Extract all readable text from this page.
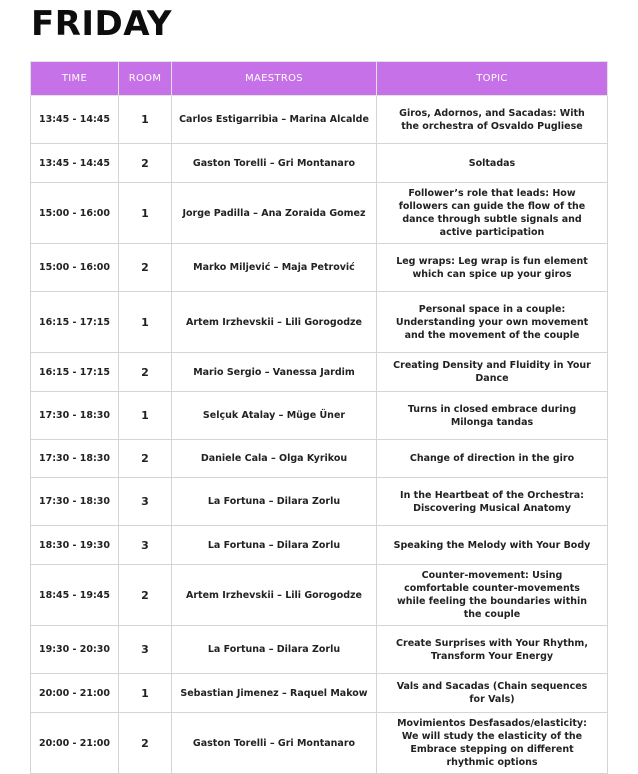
FRIDAY
TIME	ROOM	MAESTROS	TOPIC
13:45 - 14:45	1	Carlos Estigarribia – Marina Alcalde	Giros, Adornos, and Sacadas: With the orchestra of Osvaldo Pugliese
13:45 - 14:45	2	Gaston Torelli – Gri Montanaro	Soltadas
15:00 - 16:00	1	Jorge Padilla – Ana Zoraida Gomez	Follower’s role that leads: How followers can guide the flow of the dance through subtle signals and active participation
15:00 - 16:00	2	Marko Miljević – Maja Petrović	Leg wraps: Leg wrap is fun element which can spice up your giros
16:15 - 17:15	1	Artem Irzhevskii – Lili Gorogodze	Personal space in a couple: Understanding your own movement and the movement of the couple
16:15 - 17:15	2	Mario Sergio – Vanessa Jardim	Creating Density and Fluidity in Your Dance
17:30 - 18:30	1	Selçuk Atalay – Müge Üner	Turns in closed embrace during Milonga tandas
17:30 - 18:30	2	Daniele Cala – Olga Kyrikou	Change of direction in the giro
17:30 - 18:30	3	La Fortuna – Dilara Zorlu	In the Heartbeat of the Orchestra: Discovering Musical Anatomy
18:30 - 19:30	3	La Fortuna – Dilara Zorlu	Speaking the Melody with Your Body
18:45 - 19:45	2	Artem Irzhevskii – Lili Gorogodze	Counter-movement: Using comfortable counter-movements while feeling the boundaries within the couple
19:30 - 20:30	3	La Fortuna – Dilara Zorlu	Create Surprises with Your Rhythm, Transform Your Energy
20:00 - 21:00	1	Sebastian Jimenez – Raquel Makow	Vals and Sacadas (Chain sequences for Vals)
20:00 - 21:00	2	Gaston Torelli – Gri Montanaro	Movimientos Desfasados/elasticity: We will study the elasticity of the Embrace stepping on different rhythmic options
